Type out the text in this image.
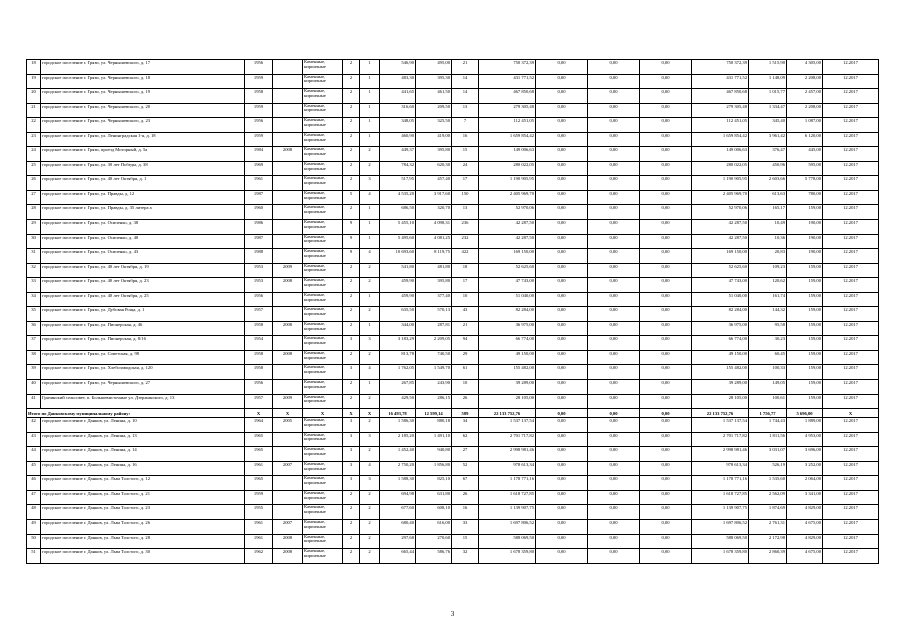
18	городское поселение г. Грязи, ул. Чернышевского, д. 17	1956		Каменные, кирпичные	2	1	546,90	495,00	21	750 372,39	0,00	0,00	0,00	750 372,39	1 515,90	4 305,00	12.2017
19	городское поселение г. Грязи, ул. Чернышевского, д. 18	1959		Каменные, кирпичные	2	1	483,30	395,30	14	431 771,52	0,00	0,00	0,00	431 771,52	1 148,09	2 208,00	12.2017
20	городское поселение г. Грязи, ул. Чернышевского, д. 19	1958		Каменные, кирпичные	2	1	441,65	461,50	14	467 850,68	0,00	0,00	0,00	467 850,68	1 015,77	2 457,00	12.2017
21	городское поселение г. Грязи, ул. Чернышевского, д. 20	1959		Каменные, кирпичные	2	1	316,60	209,50	13	279 305,48	0,00	0,00	0,00	279 305,48	1 334,47	2 208,00	12.2017
22	городское поселение г. Грязи, ул. Чернышевского, д. 23	1956		Каменные, кирпичные	2	1	348,05	325,50	7	112 451,05	0,00	0,00	0,00	112 451,05	345,40	1 087,00	12.2017
23	городское поселение г. Грязи, ул. Ленинградская 1-я, д. 18	1959		Каменные, кирпичные	2	1	460,90	419,00	16	1 659 854,42	0,00	0,00	0,00	1 659 854,42	3 961,42	6 120,00	12.2017
24	городское поселение г. Грязи, проезд Моторный, д. 5а	1984	2008	Каменные, кирпичные	2	2	449,37	395,80	15	149 006,63	0,00	0,00	0,00	149 006,63	376,47	445,00	12.2017
25	городское поселение г. Грязи, ул. 30 лет Победы, д. 38	1969		Каменные, кирпичные	2	2	784,32	620,30	24	280 022,05	0,00	0,00	0,00	280 022,05	450,96	595,00	12.2017
26	городское поселение г. Грязи, ул. 40 лет Октября, д. 1	1961		Каменные, кирпичные	2	3	517,95	457,40	17	1 190 905,95	0,00	0,00	0,00	1 190 905,95	2 603,66	5 778,00	12.2017
27	городское поселение г. Грязи, ул. Правды, д. 12	1987		Каменные, кирпичные	5	4	4 535,20	3 917,60	150	2 405 969,70	0,00	0,00	0,00	2 405 969,70	613,63	780,00	12.2017
28	городское поселение г. Грязи, ул. Правды, д. 35 литера а	1960		Каменные, кирпичные	2	1	686,50	320,70	13	52 970,06	0,00	0,00	0,00	52 970,06	165,17	159,00	12.2017
29	городское поселение г. Грязи, ул. Осипенко, д. 38	1986		Каменные, кирпичные	9	1	5 455,10	4 098,31	236	42 287,50	0,00	0,00	0,00	42 287,50	10,49	190,00	12.2017
30	городское поселение г. Грязи, ул. Осипенко, д. 40	1987		Каменные, кирпичные	9	1	5 495,60	4 081,25	232	42 287,50	0,00	0,00	0,00	42 287,50	10,36	190,00	12.2017
31	городское поселение г. Грязи, ул. Осипенко, д. 43	1988		Каменные, кирпичные	9	4	10 693,60	8 119,75	422	169 150,00	0,00	0,00	0,00	169 150,00	20,83	190,00	12.2017
32	городское поселение г. Грязи, ул. 40 лет Октября, д. 19	1953	2009	Каменные, кирпичные	2	2	541,80	481,80	18	52 625,60	0,00	0,00	0,00	52 625,60	109,23	159,00	12.2017
33	городское поселение г. Грязи, ул. 40 лет Октября, д. 23	1953	2008	Каменные, кирпичные	2	2	459,90	395,80	17	47 743,00	0,00	0,00	0,00	47 743,00	120,62	159,00	12.2017
34	городское поселение г. Грязи, ул. 40 лет Октября, д. 25	1956		Каменные, кирпичные	2	1	459,90	377,40	10	51 040,00	0,00	0,00	0,00	51 040,00	161,74	159,00	12.2017
35	городское поселение г. Грязи, ул. Дубовая Роща, д. 1	1957		Каменные, кирпичные	2	2	635,50	570,13	43	82 284,00	0,00	0,00	0,00	82 284,00	144,32	159,00	12.2017
36	городское поселение г. Грязи, ул. Пионерская, д. 46	1958	2008	Каменные, кирпичные	2	1	344,00	287,81	21	36 975,00	0,00	0,00	0,00	36 975,00	95,58	159,00	12.2017
37	городское поселение г. Грязи, ул. Пионерская, д. 8/16	1954		Каменные, кирпичные	3	3	3 183,29	2 209,05	94	66 774,00	0,00	0,00	0,00	66 774,00	30,23	159,00	12.2017
38	городское поселение г. Грязи, ул. Советская, д. 98	1958	2008	Каменные, кирпичные	2	2	813,78	740,50	29	49 150,00	0,00	0,00	0,00	49 150,00	60,45	159,00	12.2017
39	городское поселение г. Грязи, ул. Хлебозаводская, д. 120	1958		Каменные, кирпичные	3	4	1 762,05	1 549,70	61	155 482,00	0,00	0,00	0,00	155 482,00	100,33	159,00	12.2017
40	городское поселение г. Грязи, ул. Чернышевского, д. 27	1956		Каменные, кирпичные	2	1	267,85	243,90	10	39 289,00	0,00	0,00	0,00	39 289,00	149,05	159,00	12.2017
41	Грязинский сельсовет, п. Большевисточные ул. Дзержинского, д. 13	1957	2009	Каменные, кирпичные	2	2	429,50	286,15	26	28 105,00	0,00	0,00	0,00	28 105,00	100,61	159,00	12.2017
Итого по Данковскому муниципальному району:		X	X	X	X	X	16 493,78	12 599,14	589	22 133 752,76	0,00	0,00	0,00	22 133 752,76	1 756,77	5 696,00	X
42	городское поселение г. Данков, ул. Ленина, д. 10	1964	2005	Каменные, кирпичные	3	2	1 586,30	880,18	34	1 537 137,54	0,00	0,00	0,00	1 537 137,54	1 744,43	1 889,00	12.2017
43	городское поселение г. Данков, ул. Ленина, д. 13	1965		Каменные, кирпичные	3	3	2 185,20	1 491,10	62	2 701 717,82	0,00	0,00	0,00	2 701 717,82	1 811,56	4 953,00	12.2017
44	городское поселение г. Данков, ул. Ленина, д. 14	1965		Каменные, кирпичные	3	2	1 452,40	940,80	27	2 998 981,46	0,00	0,00	0,00	2 998 981,46	3 031,07	3 696,00	12.2017
45	городское поселение г. Данков, ул. Ленина, д. 16	1961	2007	Каменные, кирпичные	3	4	2 750,20	1 856,80	52	978 613,34	0,00	0,00	0,00	978 613,34	526,19	3 252,00	12.2017
46	городское поселение г. Данков, ул. Льва Толстого, д. 12	1965		Каменные, кирпичные	3	3	1 588,30	825,10	67	1 178 771,16	0,00	0,00	0,00	1 178 771,16	1 535,60	2 064,00	12.2017
47	городское поселение г. Данков, ул. Льва Толстого, д. 21	1959		Каменные, кирпичные	2	2	694,98	631,80	26	1 618 727,85	0,00	0,00	0,00	1 618 727,85	2 562,09	3 341,00	12.2017
48	городское поселение г. Данков, ул. Льва Толстого, д. 23	1955		Каменные, кирпичные	2	2	677,60	608,10	16	1 139 907,75	0,00	0,00	0,00	1 139 907,75	1 874,69	4 829,00	12.2017
49	городское поселение г. Данков, ул. Льва Толстого, д. 26	1961	2007	Каменные, кирпичные	2	2	680,40	616,00	33	1 697 806,52	0,00	0,00	0,00	1 697 806,52	2 761,31	4 675,00	12.2017
50	городское поселение г. Данков, ул. Льва Толстого, д. 28	1961	2008	Каменные, кирпичные	2	2	297,68	270,60	15	588 069,50	0,00	0,00	0,00	588 069,50	2 172,98	4 829,00	12.2017
51	городское поселение г. Данков, ул. Льва Толстого, д. 30	1962	2008	Каменные, кирпичные	2	2	665,44	586,76	32	1 678 359,80	0,00	0,00	0,00	1 678 359,80	2 860,39	4 675,00	12.2017
3
